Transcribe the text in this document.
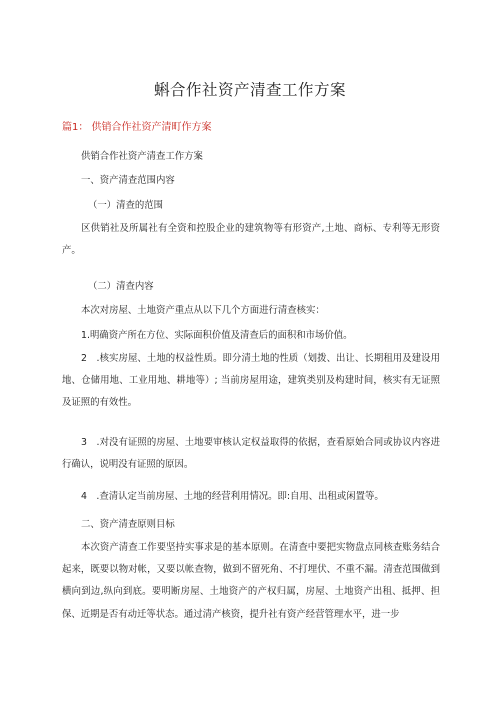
蝌合作社资产清查工作方案
篇1： 供销合作社资产清町作方案
供销合作社资产清查工作方案
一、资产清查范围内容
（一）清查的范围
区供销社及所属社有全资和控股企业的建筑物等有形资产,土地、商标、专利等无形资产。
（二）清查内容
本次对房屋、土地资产重点从以下几个方面进行清查核实：
1.明确资产所在方位、实际面积价值及清查后的面积和市场价值。
2　.核实房屋、土地的权益性质。即分清土地的性质（划拨、出让、长期租用及建设用地、仓储用地、工业用地、耕地等）; 当前房屋用途，建筑类别及构建时间，核实有无证照及证照的有效性。
3　.对没有证照的房屋、土地要审核认定权益取得的依据，查看原始合同或协议内容进行确认，说明没有证照的原因。
4　.查清认定当前房屋、土地的经营利用情况。即:自用、出租或闲置等。
二、资产清查原则目标
本次资产清查工作要坚持实事求是的基本原则。在清查中要把实物盘点同核查账务结合起来，既要以物对帐，又要以帐查物，做到不留死角、不打埋伏、不重不漏。清查范围做到横向到边,纵向到底。要明断房屋、土地资产的产权归属，房屋、土地资产出租、抵押、担保、近期是否有动迁等状态。通过清产核资，提升社有资产经营管理水平，进一步
